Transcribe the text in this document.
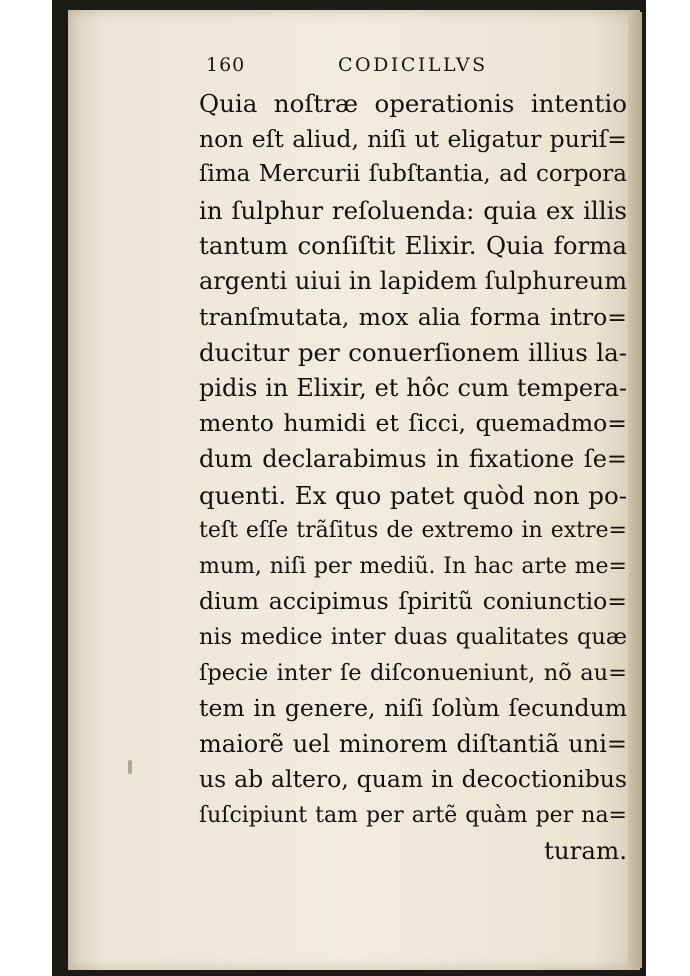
160	CODICILLVS
Quia noſtræ operationis intentio
non eſt aliud, niſi ut eligatur puriſ=
ſima Mercurii ſubſtantia, ad corpora
in ſulphur reſoluenda: quia ex illis
tantum conſiſtit Elixir. Quia forma
argenti uiui in lapidem ſulphureum
tranſmutata, mox alia forma intro=
ducitur per conuerſionem illius la-
pidis in Elixir, et hôc cum tempera-
mento humidi et ſicci, quemadmo=
dum declarabimus in fixatione ſe=
quenti. Ex quo patet quòd non po-
teſt eſſe trãſitus de extremo in extre=
mum, niſi per mediũ. In hac arte me=
dium accipimus ſpiritũ coniunctio=
nis medice inter duas qualitates quæ
ſpecie inter ſe diſconueniunt, nõ au=
tem in genere, niſi ſolùm ſecundum
maiorẽ uel minorem diſtantiã uni=
us ab altero, quam in decoctionibus
ſuſcipiunt tam per artẽ quàm per na=
turam.
